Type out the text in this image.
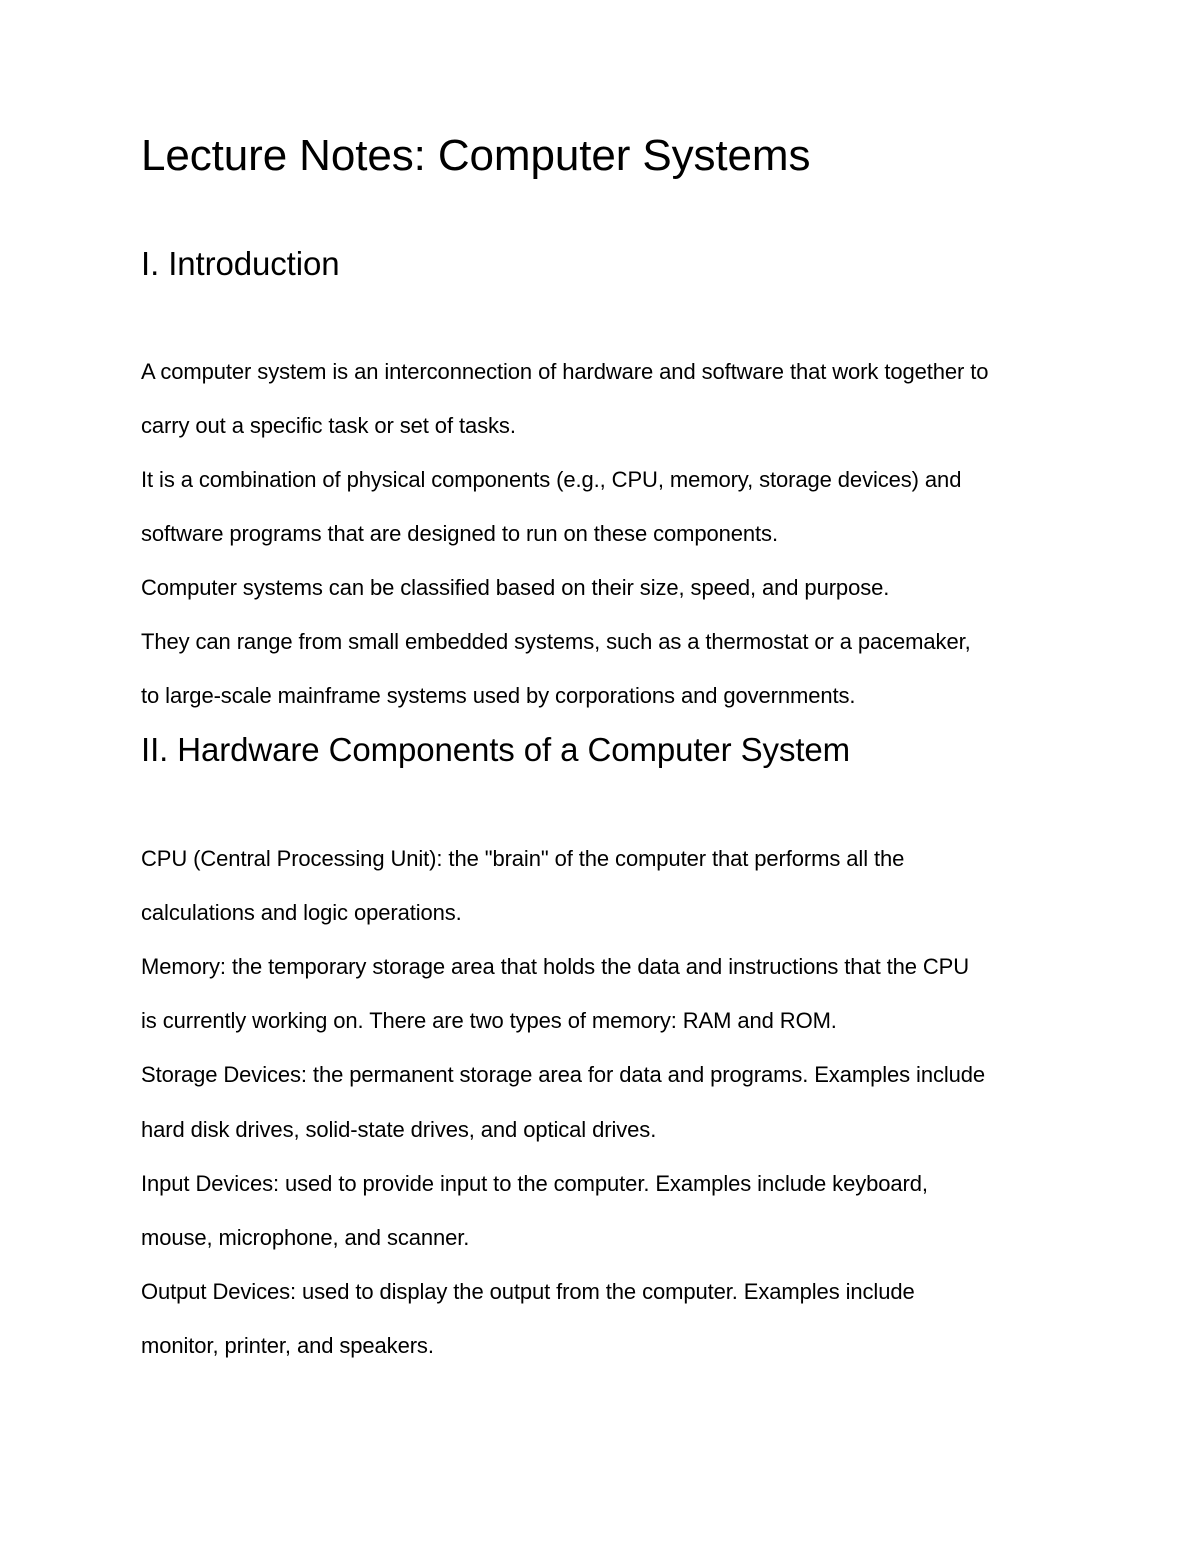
Lecture Notes: Computer Systems
I. Introduction

A computer system is an interconnection of hardware and software that work together to

carry out a specific task or set of tasks.

It is a combination of physical components (e.g., CPU, memory, storage devices) and

software programs that are designed to run on these components.

Computer systems can be classified based on their size, speed, and purpose.

They can range from small embedded systems, such as a thermostat or a pacemaker,

to large-scale mainframe systems used by corporations and governments.

II. Hardware Components of a Computer System

CPU (Central Processing Unit): the "brain" of the computer that performs all the

calculations and logic operations.

Memory: the temporary storage area that holds the data and instructions that the CPU

is currently working on. There are two types of memory: RAM and ROM.

Storage Devices: the permanent storage area for data and programs. Examples include

hard disk drives, solid-state drives, and optical drives.

Input Devices: used to provide input to the computer. Examples include keyboard,

mouse, microphone, and scanner.

Output Devices: used to display the output from the computer. Examples include

monitor, printer, and speakers.
